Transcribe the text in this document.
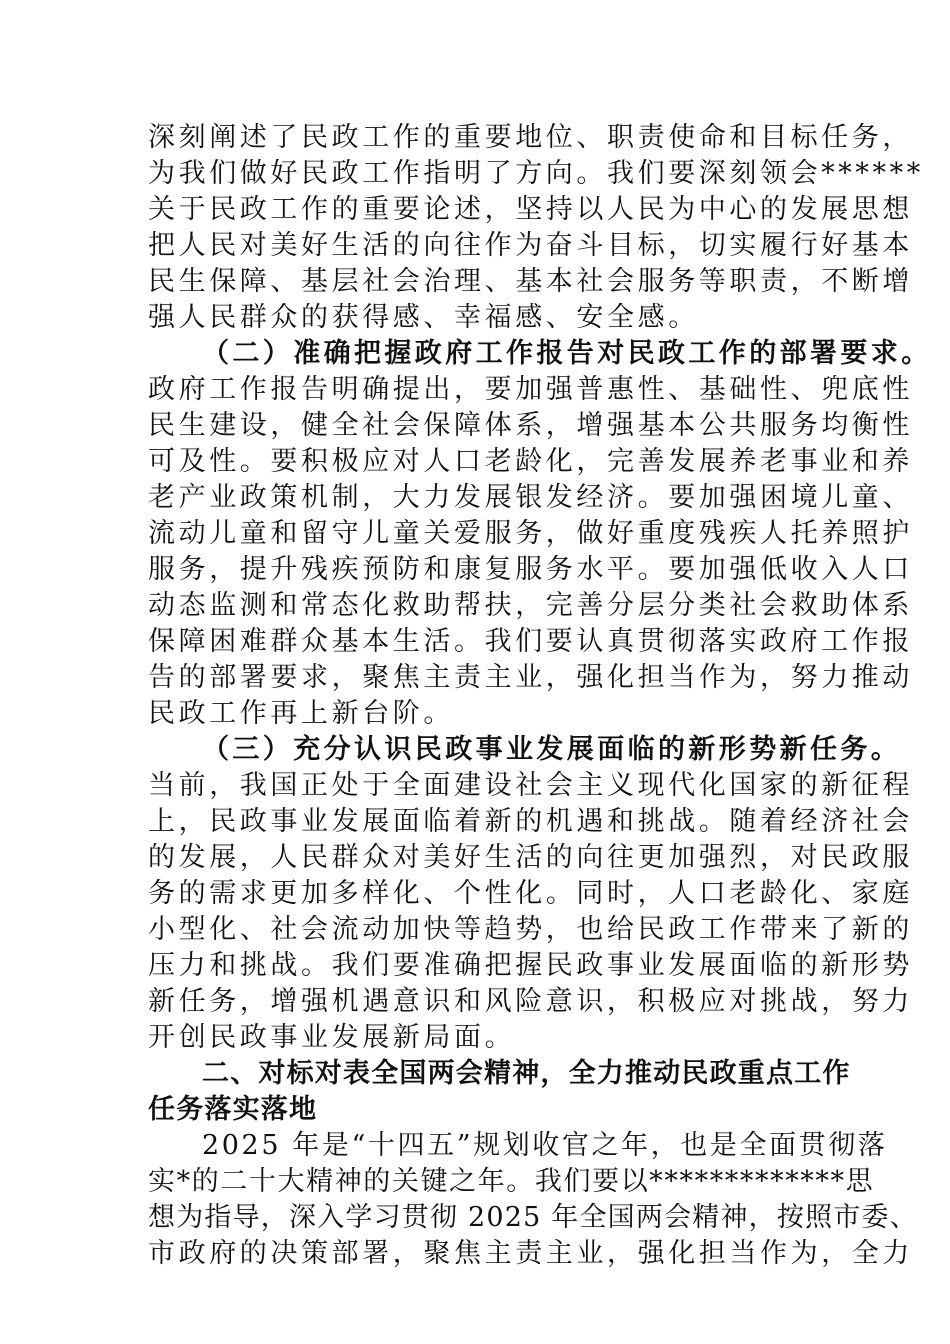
深刻阐述了民政工作的重要地位、职责使命和目标任务，
为我们做好民政工作指明了方向。我们要深刻领会******
关于民政工作的重要论述，坚持以人民为中心的发展思想
把人民对美好生活的向往作为奋斗目标，切实履行好基本
民生保障、基层社会治理、基本社会服务等职责，不断增
强人民群众的获得感、幸福感、安全感。
（二）准确把握政府工作报告对民政工作的部署要求。
政府工作报告明确提出，要加强普惠性、基础性、兜底性
民生建设，健全社会保障体系，增强基本公共服务均衡性
可及性。要积极应对人口老龄化，完善发展养老事业和养
老产业政策机制，大力发展银发经济。要加强困境儿童、
流动儿童和留守儿童关爱服务，做好重度残疾人托养照护
服务，提升残疾预防和康复服务水平。要加强低收入人口
动态监测和常态化救助帮扶，完善分层分类社会救助体系
保障困难群众基本生活。我们要认真贯彻落实政府工作报
告的部署要求，聚焦主责主业，强化担当作为，努力推动
民政工作再上新台阶。
（三）充分认识民政事业发展面临的新形势新任务。
当前，我国正处于全面建设社会主义现代化国家的新征程
上，民政事业发展面临着新的机遇和挑战。随着经济社会
的发展，人民群众对美好生活的向往更加强烈，对民政服
务的需求更加多样化、个性化。同时，人口老龄化、家庭
小型化、社会流动加快等趋势，也给民政工作带来了新的
压力和挑战。我们要准确把握民政事业发展面临的新形势
新任务，增强机遇意识和风险意识，积极应对挑战，努力
开创民政事业发展新局面。
二、对标对表全国两会精神，全力推动民政重点工作
任务落实落地
2025 年是“十四五”规划收官之年，也是全面贯彻落
实*的二十大精神的关键之年。我们要以*************思
想为指导，深入学习贯彻 2025 年全国两会精神，按照市委、
市政府的决策部署，聚焦主责主业，强化担当作为，全力
